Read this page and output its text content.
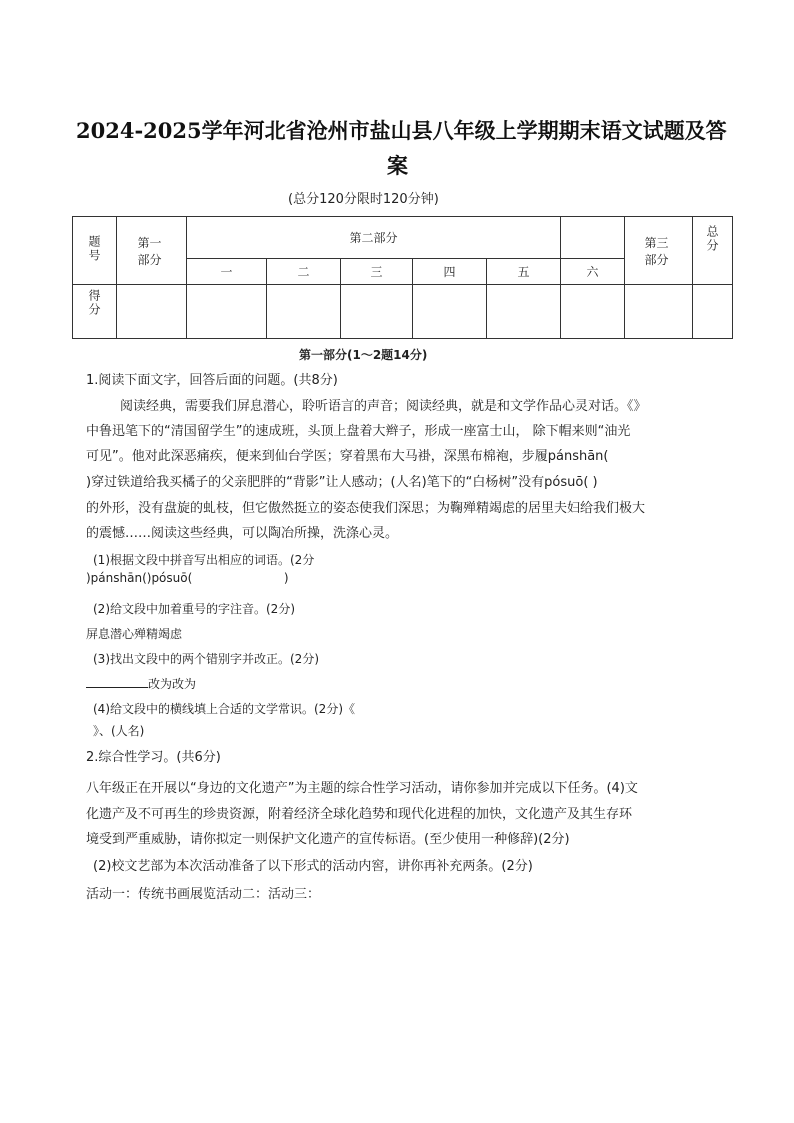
2024-2025学年河北省沧州市盐山县八年级上学期期末语文试题及答
案
(总分120分限时120分钟)
题号	第一部分	第二部分						第三部分	总分
		一	二	三	四	五	六		
得分									
第一部分(1～2题14分)
1.阅读下面文字，回答后面的问题。(共8分)
阅读经典，需要我们屏息潜心，聆听语言的声音；阅读经典，就是和文学作品心灵对话。《》
中鲁迅笔下的“清国留学生”的速成班，头顶上盘着大辫子，形成一座富士山， 除下帽来则“油光
可见”。他对此深恶痛疾，便来到仙台学医；穿着黑布大马褂，深黑布棉袍，步履pánshān(
)穿过铁道给我买橘子的父亲肥胖的“背影”让人感动；(人名)笔下的“白杨树”没有pósuō( )
的外形，没有盘旋的虬枝，但它傲然挺立的姿态使我们深思；为鞠殚精竭虑的居里夫妇给我们极大
的震憾……阅读这些经典，可以陶冶所操，洗涤心灵。
(1)根据文段中拼音写出相应的词语。(2分
)pánshān()pósuō(                        )
(2)给文段中加着重号的字注音。(2分)
屏息潜心殚精竭虑
(3)找出文段中的两个错别字并改正。(2分)
改为改为
(4)给文段中的横线填上合适的文学常识。(2分)《
》、(人名)
2.综合性学习。(共6分)
八年级正在开展以“身边的文化遗产”为主题的综合性学习活动，请你参加并完成以下任务。(4)文
化遗产及不可再生的珍贵资源，附着经济全球化趋势和现代化进程的加快，文化遗产及其生存环
境受到严重威胁，请你拟定一则保护文化遗产的宣传标语。(至少使用一种修辞)(2分)
(2)校文艺部为本次活动准备了以下形式的活动内窖，讲你再补充两条。(2分)
活动一：传统书画展览活动二：活动三：
